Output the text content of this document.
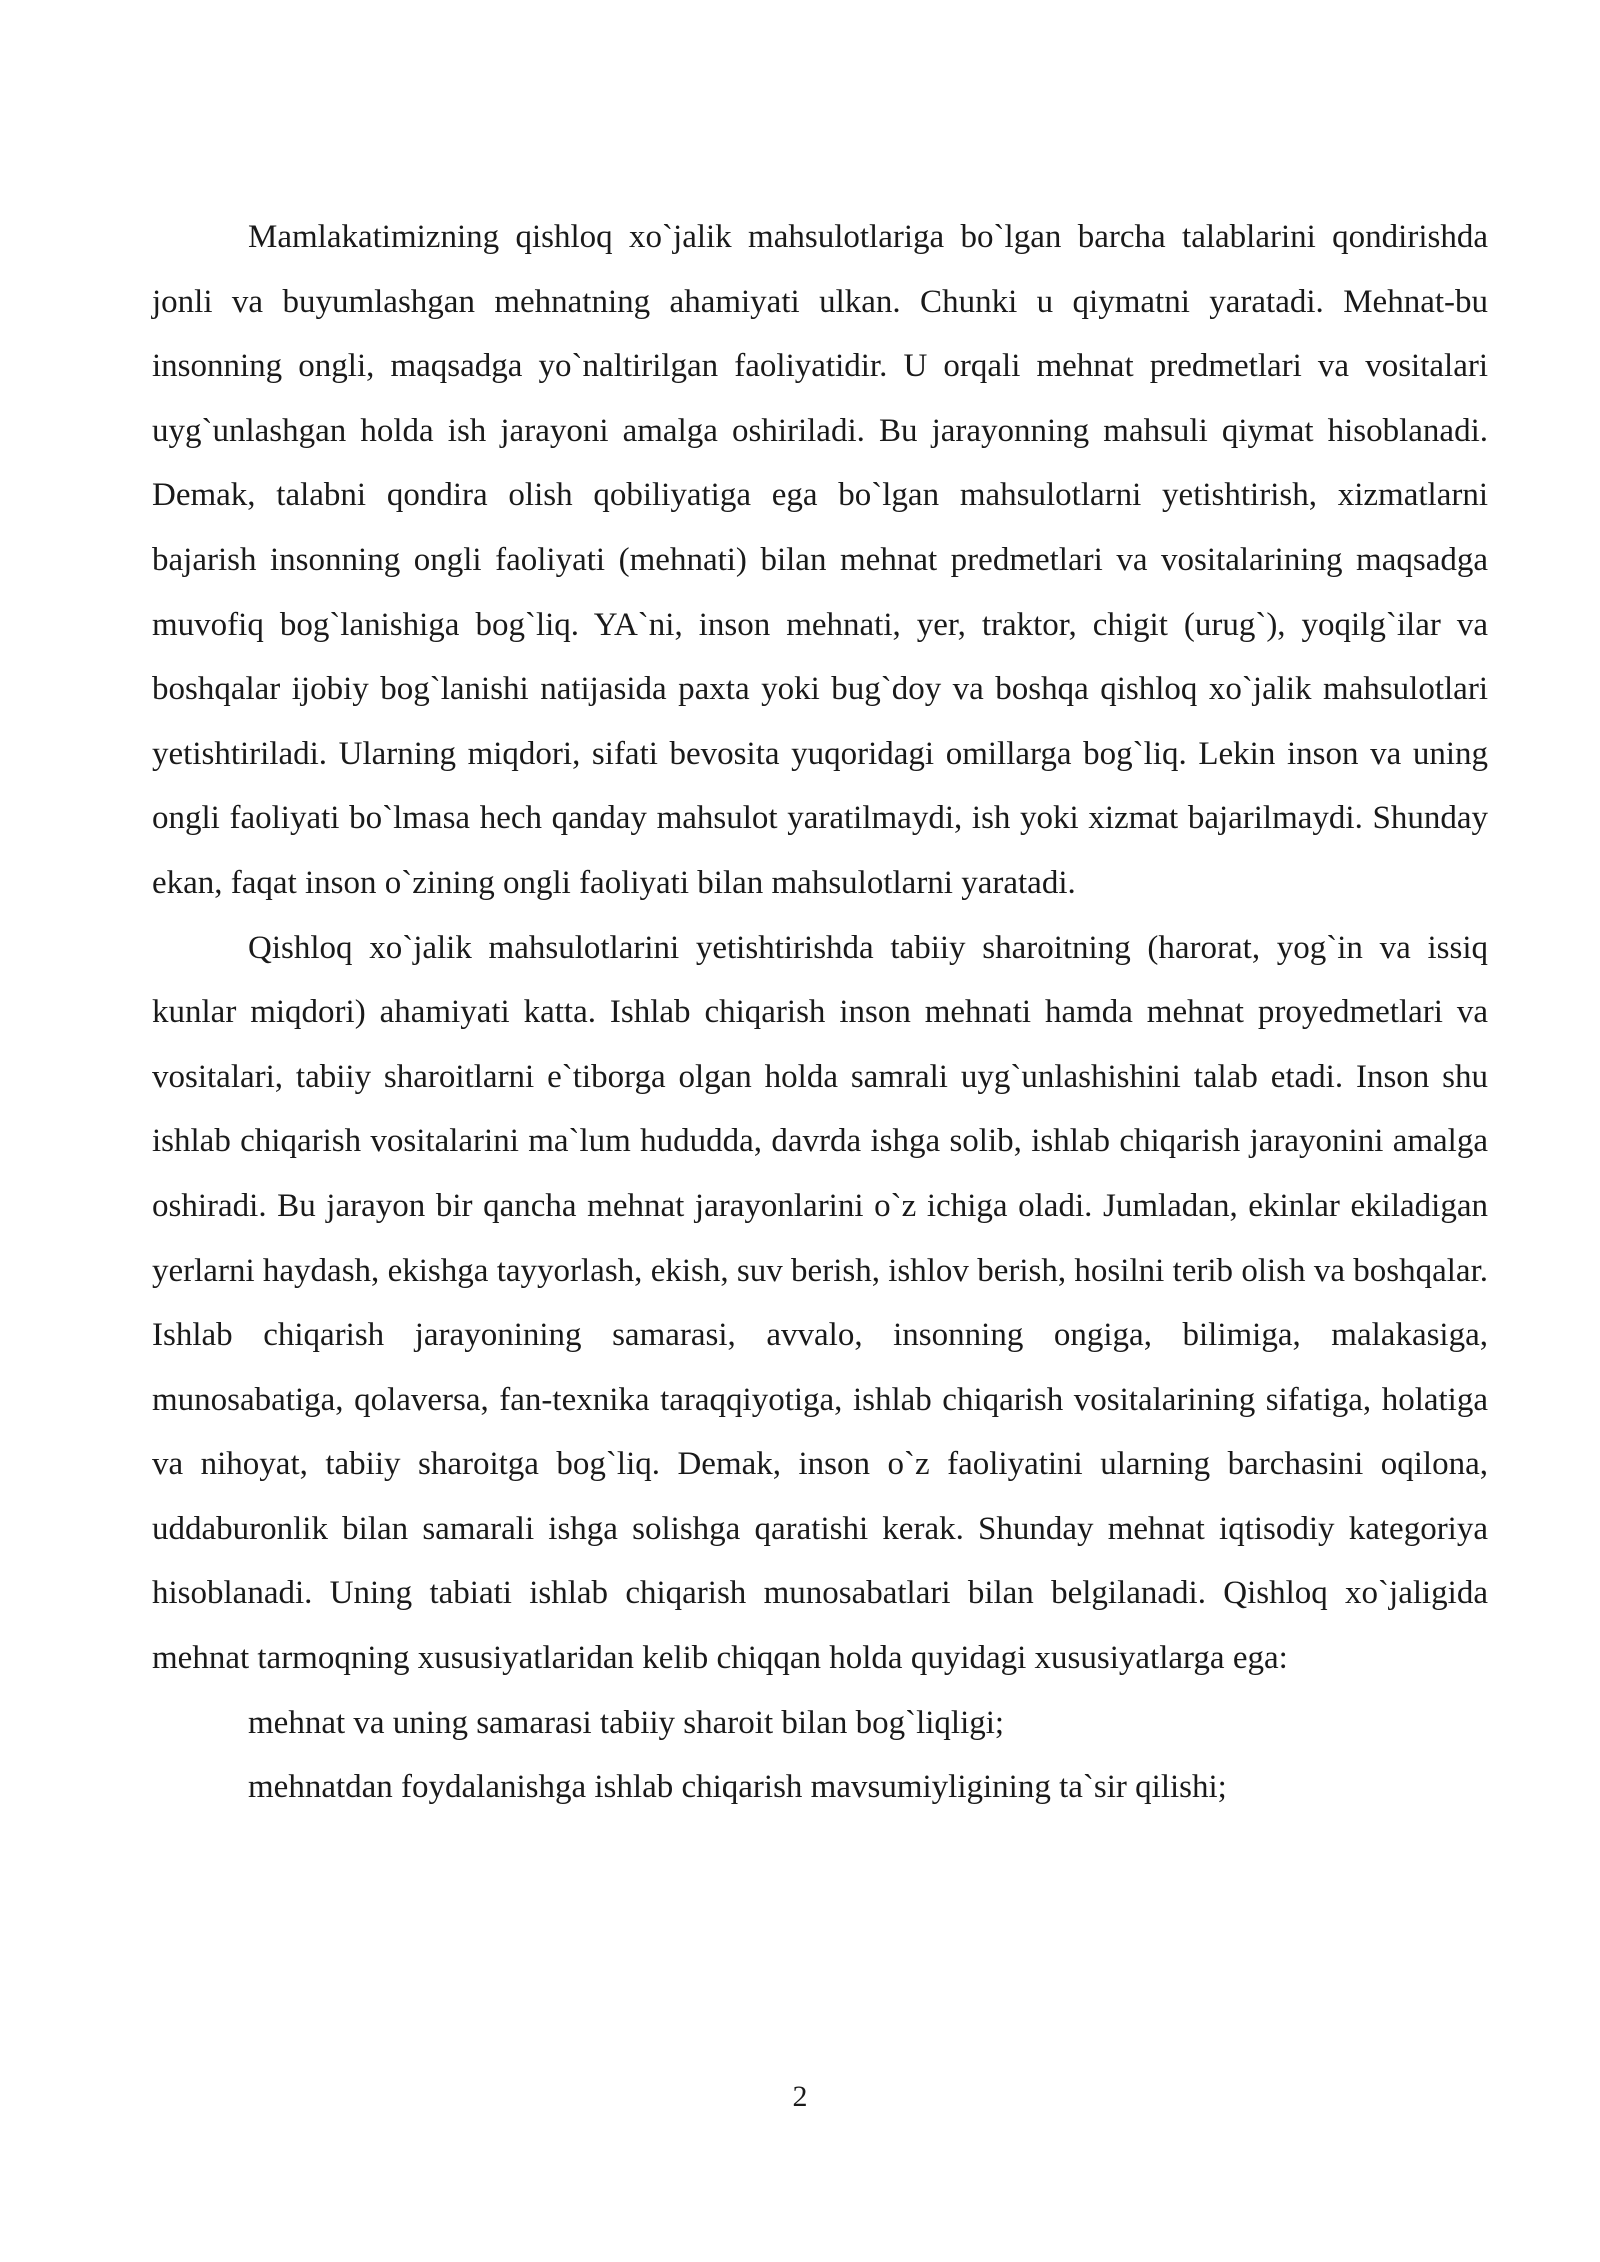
Mamlakatimizning qishloq xo`jalik mahsulotlariga bo`lgan barcha talablarini qondirishda jonli va buyumlashgan mehnatning ahamiyati ulkan. Chunki u qiymatni yaratadi. Mehnat-bu insonning ongli, maqsadga yo`naltirilgan faoliyatidir. U orqali mehnat predmetlari va vositalari uyg`unlashgan holda ish jarayoni amalga oshiriladi. Bu jarayonning mahsuli qiymat hisoblanadi. Demak, talabni qondira olish qobiliyatiga ega bo`lgan mahsulotlarni yetishtirish, xizmatlarni bajarish insonning ongli faoliyati (mehnati) bilan mehnat predmetlari va vositalarining maqsadga muvofiq bog`lanishiga bog`liq. YA`ni, inson mehnati, yer, traktor, chigit (urug`), yoqilg`ilar va boshqalar ijobiy bog`lanishi natijasida paxta yoki bug`doy va boshqa qishloq xo`jalik mahsulotlari yetishtiriladi. Ularning miqdori, sifati bevosita yuqoridagi omillarga bog`liq. Lekin inson va uning ongli faoliyati bo`lmasa hech qanday mahsulot yaratilmaydi, ish yoki xizmat bajarilmaydi. Shunday ekan, faqat inson o`zining ongli faoliyati bilan mahsulotlarni yaratadi.

Qishloq xo`jalik mahsulotlarini yetishtirishda tabiiy sharoitning (harorat, yog`in va issiq kunlar miqdori) ahamiyati katta. Ishlab chiqarish inson mehnati hamda mehnat proyedmetlari va vositalari, tabiiy sharoitlarni e`tiborga olgan holda samrali uyg`unlashishini talab etadi. Inson shu ishlab chiqarish vositalarini ma`lum hududda, davrda ishga solib, ishlab chiqarish jarayonini amalga oshiradi. Bu jarayon bir qancha mehnat jarayonlarini o`z ichiga oladi. Jumladan, ekinlar ekiladigan yerlarni haydash, ekishga tayyorlash, ekish, suv berish, ishlov berish, hosilni terib olish va boshqalar. Ishlab chiqarish jarayonining samarasi, avvalo, insonning ongiga, bilimiga, malakasiga, munosabatiga, qolaversa, fan-texnika taraqqiyotiga, ishlab chiqarish vositalarining sifatiga, holatiga va nihoyat, tabiiy sharoitga bog`liq. Demak, inson o`z faoliyatini ularning barchasini oqilona, uddaburonlik bilan samarali ishga solishga qaratishi kerak. Shunday mehnat iqtisodiy kategoriya hisoblanadi. Uning tabiati ishlab chiqarish munosabatlari bilan belgilanadi. Qishloq xo`jaligida mehnat tarmoqning xususiyatlaridan kelib chiqqan holda quyidagi xususiyatlarga ega:

mehnat va uning samarasi tabiiy sharoit bilan bog`liqligi;
mehnatdan foydalanishga ishlab chiqarish mavsumiyligining ta`sir qilishi;
2
